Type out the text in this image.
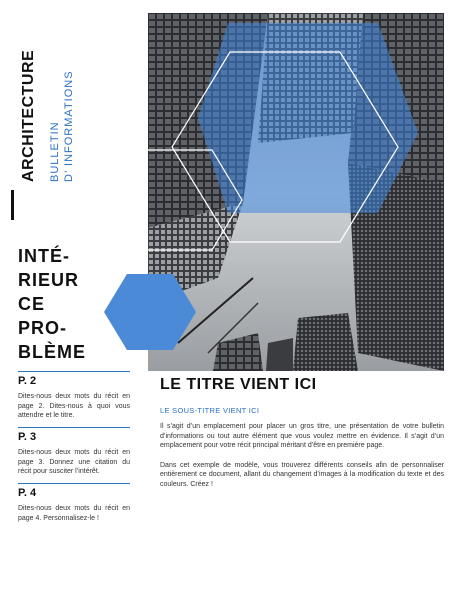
ARCHITECTURE BULLETIN D’ INFORMATIONS
INTÉ-
RIEUR
CE
PRO-
BLÈME
P. 2
Dites-nous deux mots du récit en page 2. Dites-nous à quoi vous attendre et le titre.
P. 3
Dites-nous deux mots du récit en page 3. Donnez une citation du récit pour susciter l’intérêt.
P. 4
Dites-nous deux mots du récit en page 4. Personnalisez-le !
LE TITRE VIENT ICI
LE SOUS-TITRE VIENT ICI

Il s’agit d’un emplacement pour placer un gros titre, une présentation de votre bulletin d’informations ou tout autre élément que vous voulez mettre en évidence. Il s’agit d’un emplacement pour votre récit principal méritant d’être en première page.

Dans cet exemple de modèle, vous trouverez différents conseils afin de personnaliser entièrement ce document, allant du changement d’images à la modification du texte et des couleurs. Créez !
